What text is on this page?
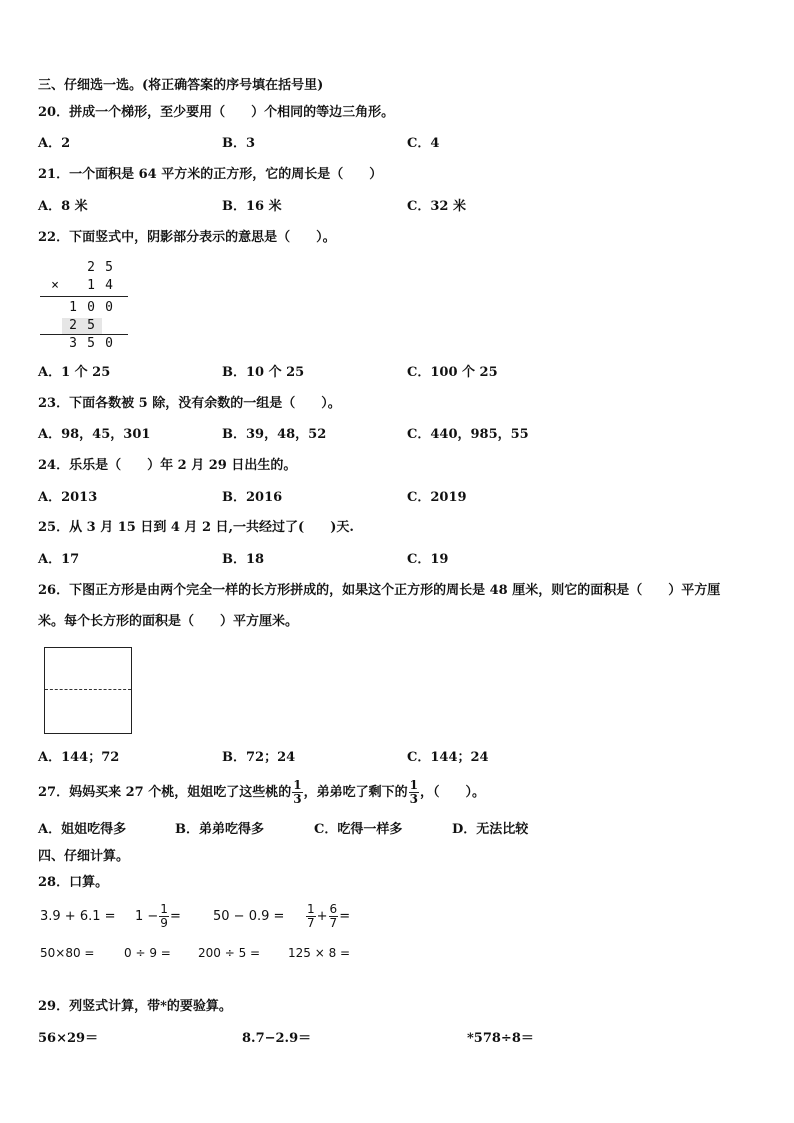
三、仔细选一选。(将正确答案的序号填在括号里)
20．拼成一个梯形，至少要用（　　）个相同的等边三角形。
A．2	B．3	C．4
21．一个面积是 64 平方米的正方形，它的周长是（　　）
A．8 米	B．16 米	C．32 米
22．下面竖式中，阴影部分表示的意思是（　　）。
2 5
× 1 4
1 0 0
2 5
3 5 0
A．1 个 25	B．10 个 25	C．100 个 25
23．下面各数被 5 除，没有余数的一组是（　　）。
A．98，45，301	B．39，48，52	C．440，985，55
24．乐乐是（　　）年 2 月 29 日出生的。
A．2013	B．2016	C．2019
25．从 3 月 15 日到 4 月 2 日,一共经过了(　　)天.
A．17	B．18	C．19
26．下图正方形是由两个完全一样的长方形拼成的，如果这个正方形的周长是 48 厘米，则它的面积是（　　）平方厘
米。每个长方形的面积是（　　）平方厘米。
A．144；72	B．72；24	C．144；24
27．妈妈买来 27 个桃，姐姐吃了这些桃的 $\frac{1}{3}$ ，弟弟吃了剩下的 $\frac{1}{3}$ ，（　　）。
A．姐姐吃得多	B．弟弟吃得多	C．吃得一样多	D．无法比较
四、仔细计算。
28．口算。
$3.9 + 6.1 = 1 - \frac{1}{9} = 50 - 0.9 = \frac{1}{7} + \frac{6}{7}$ =
50×80 = 0 ÷ 9 = 200 ÷ 5 = 125 × 8 =
29．列竖式计算，带*的要验算。
56×29＝	8.7−2.9＝	*578÷8＝
